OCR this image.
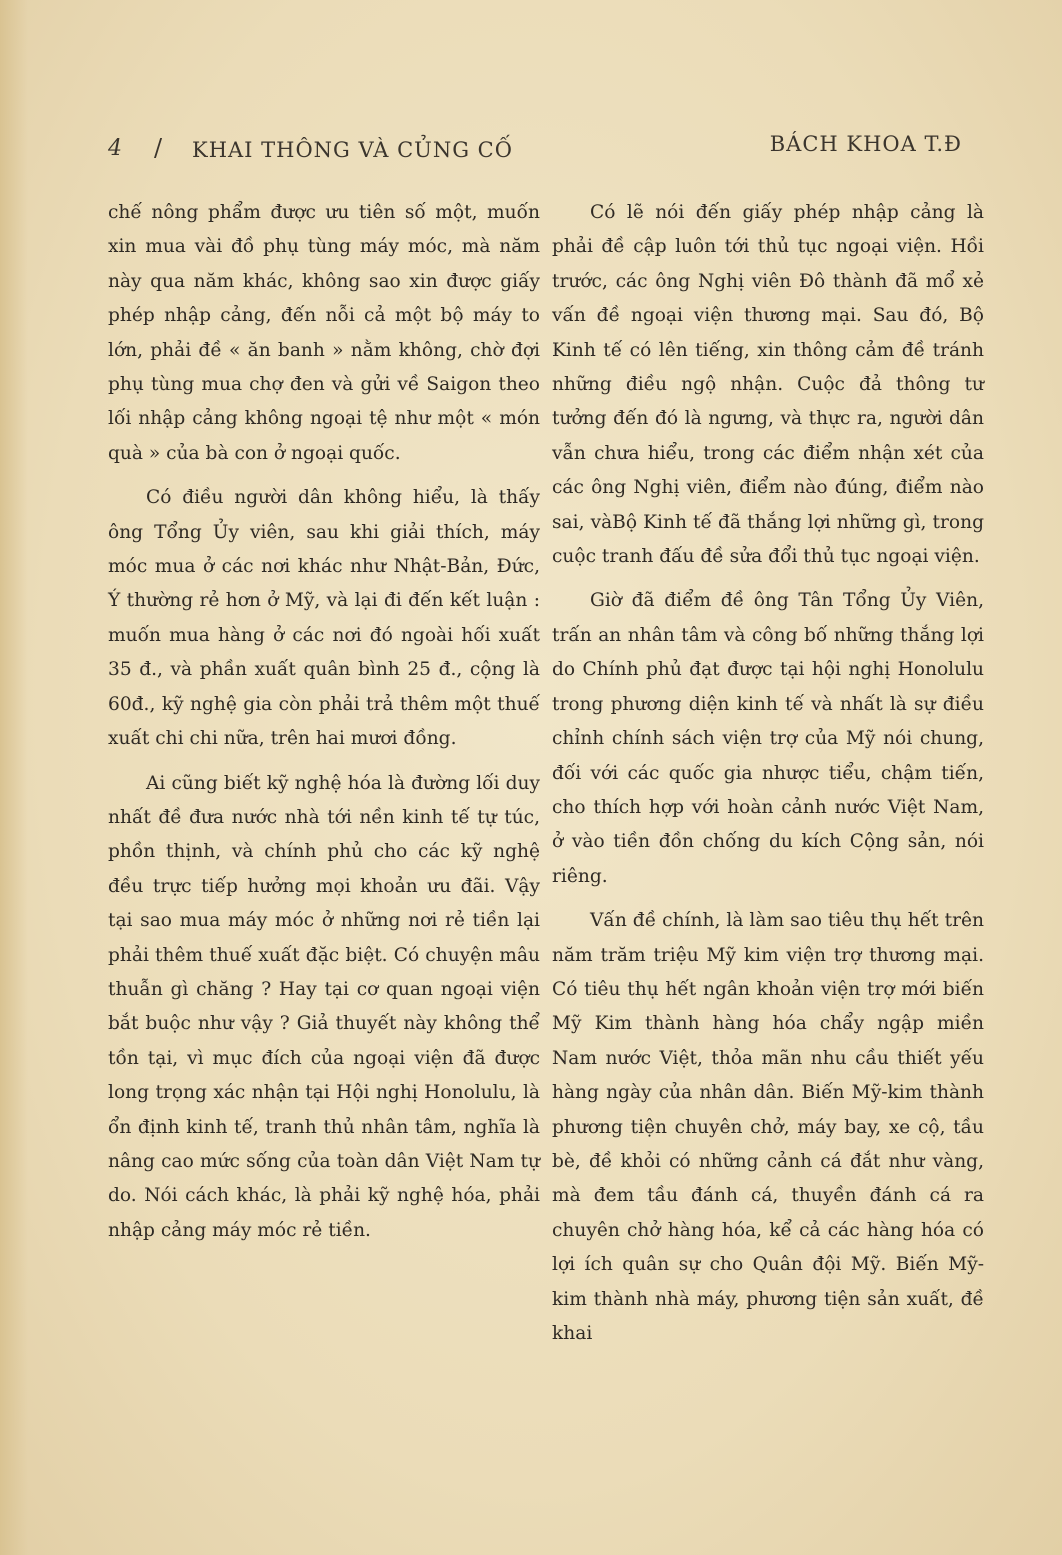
4 / KHAI THÔNG VÀ CỦNG CỐ	BÁCH KHOA T.Đ

chế nông phẩm được ưu tiên số một, muốn xin mua vài đồ phụ tùng máy móc, mà năm này qua năm khác, không sao xin được giấy phép nhập cảng, đến nỗi cả một bộ máy to lớn, phải đề « ăn banh » nằm không, chờ đợi phụ tùng mua chợ đen và gửi về Saigon theo lối nhập cảng không ngoại tệ như một « món quà » của bà con ở ngoại quốc.

Có điều người dân không hiểu, là thấy ông Tổng Ủy viên, sau khi giải thích, máy móc mua ở các nơi khác như Nhật-Bản, Đức, Ý thường rẻ hơn ở Mỹ, và lại đi đến kết luận : muốn mua hàng ở các nơi đó ngoài hối xuất 35 đ., và phần xuất quân bình 25 đ., cộng là 60đ., kỹ nghệ gia còn phải trả thêm một thuế xuất chi chi nữa, trên hai mươi đồng.

Ai cũng biết kỹ nghệ hóa là đường lối duy nhất đề đưa nước nhà tới nền kinh tế tự túc, phồn thịnh, và chính phủ cho các kỹ nghệ đều trực tiếp hưởng mọi khoản ưu đãi. Vậy tại sao mua máy móc ở những nơi rẻ tiền lại phải thêm thuế xuất đặc biệt. Có chuyện mâu thuẫn gì chăng ? Hay tại cơ quan ngoại viện bắt buộc như vậy ? Giả thuyết này không thể tồn tại, vì mục đích của ngoại viện đã được long trọng xác nhận tại Hội nghị Honolulu, là ổn định kinh tế, tranh thủ nhân tâm, nghĩa là nâng cao mức sống của toàn dân Việt Nam tự do. Nói cách khác, là phải kỹ nghệ hóa, phải nhập cảng máy móc rẻ tiền.

Có lẽ nói đến giấy phép nhập cảng là phải đề cập luôn tới thủ tục ngoại viện. Hồi trước, các ông Nghị viên Đô thành đã mổ xẻ vấn đề ngoại viện thương mại. Sau đó, Bộ Kinh tế có lên tiếng, xin thông cảm đề tránh những điều ngộ nhận. Cuộc đả thông tư tưởng đến đó là ngưng, và thực ra, người dân vẫn chưa hiểu, trong các điểm nhận xét của các ông Nghị viên, điểm nào đúng, điểm nào sai, vàBộ Kinh tế đã thắng lợi những gì, trong cuộc tranh đấu đề sửa đổi thủ tục ngoại viện.

Giờ đã điểm đề ông Tân Tổng Ủy Viên, trấn an nhân tâm và công bố những thắng lợi do Chính phủ đạt được tại hội nghị Honolulu trong phương diện kinh tế và nhất là sự điều chỉnh chính sách viện trợ của Mỹ nói chung, đối với các quốc gia nhược tiểu, chậm tiến, cho thích hợp với hoàn cảnh nước Việt Nam, ở vào tiền đồn chống du kích Cộng sản, nói riêng.

Vấn đề chính, là làm sao tiêu thụ hết trên năm trăm triệu Mỹ kim viện trợ thương mại. Có tiêu thụ hết ngân khoản viện trợ mới biến Mỹ Kim thành hàng hóa chẩy ngập miền Nam nước Việt, thỏa mãn nhu cầu thiết yếu hàng ngày của nhân dân. Biến Mỹ-kim thành phương tiện chuyên chở, máy bay, xe cộ, tầu bè, đề khỏi có những cảnh cá đắt như vàng, mà đem tầu đánh cá, thuyền đánh cá ra chuyên chở hàng hóa, kể cả các hàng hóa có lợi ích quân sự cho Quân đội Mỹ. Biến Mỹ-kim thành nhà máy, phương tiện sản xuất, đề khai
